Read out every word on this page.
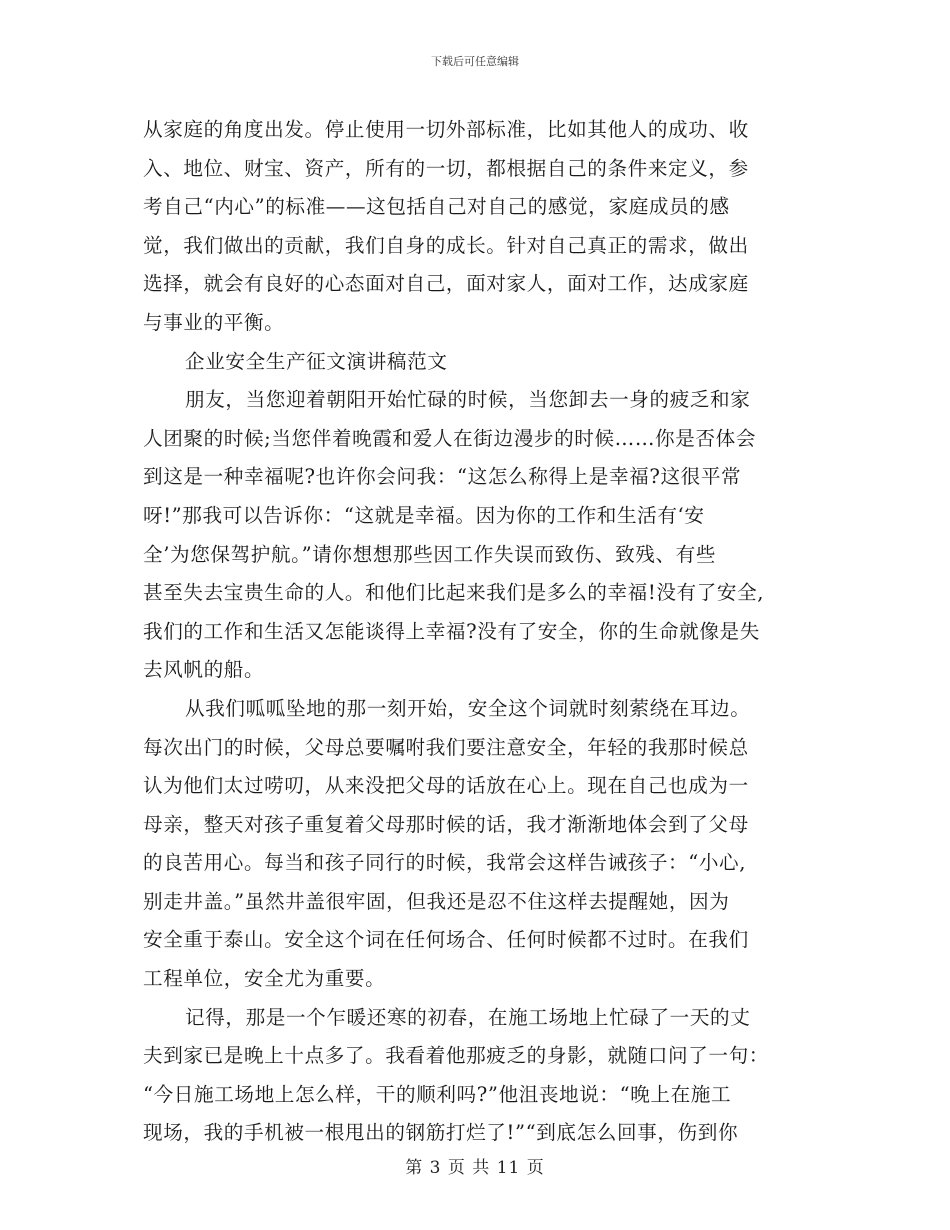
下载后可任意编辑
从家庭的角度出发。停止使用一切外部标准，比如其他人的成功、收
入、地位、财宝、资产，所有的一切，都根据自己的条件来定义，参
考自己“内心”的标准——这包括自己对自己的感觉，家庭成员的感
觉，我们做出的贡献，我们自身的成长。针对自己真正的需求，做出
选择，就会有良好的心态面对自己，面对家人，面对工作，达成家庭
与事业的平衡。
企业安全生产征文演讲稿范文
朋友，当您迎着朝阳开始忙碌的时候，当您卸去一身的疲乏和家
人团聚的时候;当您伴着晚霞和爱人在街边漫步的时候……你是否体会
到这是一种幸福呢?也许你会问我：“这怎么称得上是幸福?这很平常
呀!”那我可以告诉你：“这就是幸福。因为你的工作和生活有‘安
全’为您保驾护航。”请你想想那些因工作失误而致伤、致残、有些
甚至失去宝贵生命的人。和他们比起来我们是多么的幸福!没有了安全,
我们的工作和生活又怎能谈得上幸福?没有了安全，你的生命就像是失
去风帆的船。
从我们呱呱坠地的那一刻开始，安全这个词就时刻萦绕在耳边。
每次出门的时候，父母总要嘱咐我们要注意安全，年轻的我那时候总
认为他们太过唠叨，从来没把父母的话放在心上。现在自己也成为一
母亲，整天对孩子重复着父母那时候的话，我才渐渐地体会到了父母
的良苦用心。每当和孩子同行的时候，我常会这样告诫孩子：“小心,
别走井盖。”虽然井盖很牢固，但我还是忍不住这样去提醒她，因为
安全重于泰山。安全这个词在任何场合、任何时候都不过时。在我们
工程单位，安全尤为重要。
记得，那是一个乍暖还寒的初春，在施工场地上忙碌了一天的丈
夫到家已是晚上十点多了。我看着他那疲乏的身影，就随口问了一句：
“今日施工场地上怎么样，干的顺利吗?”他沮丧地说：“晚上在施工
现场，我的手机被一根甩出的钢筋打烂了!”“到底怎么回事，伤到你
第 3 页 共 11 页
